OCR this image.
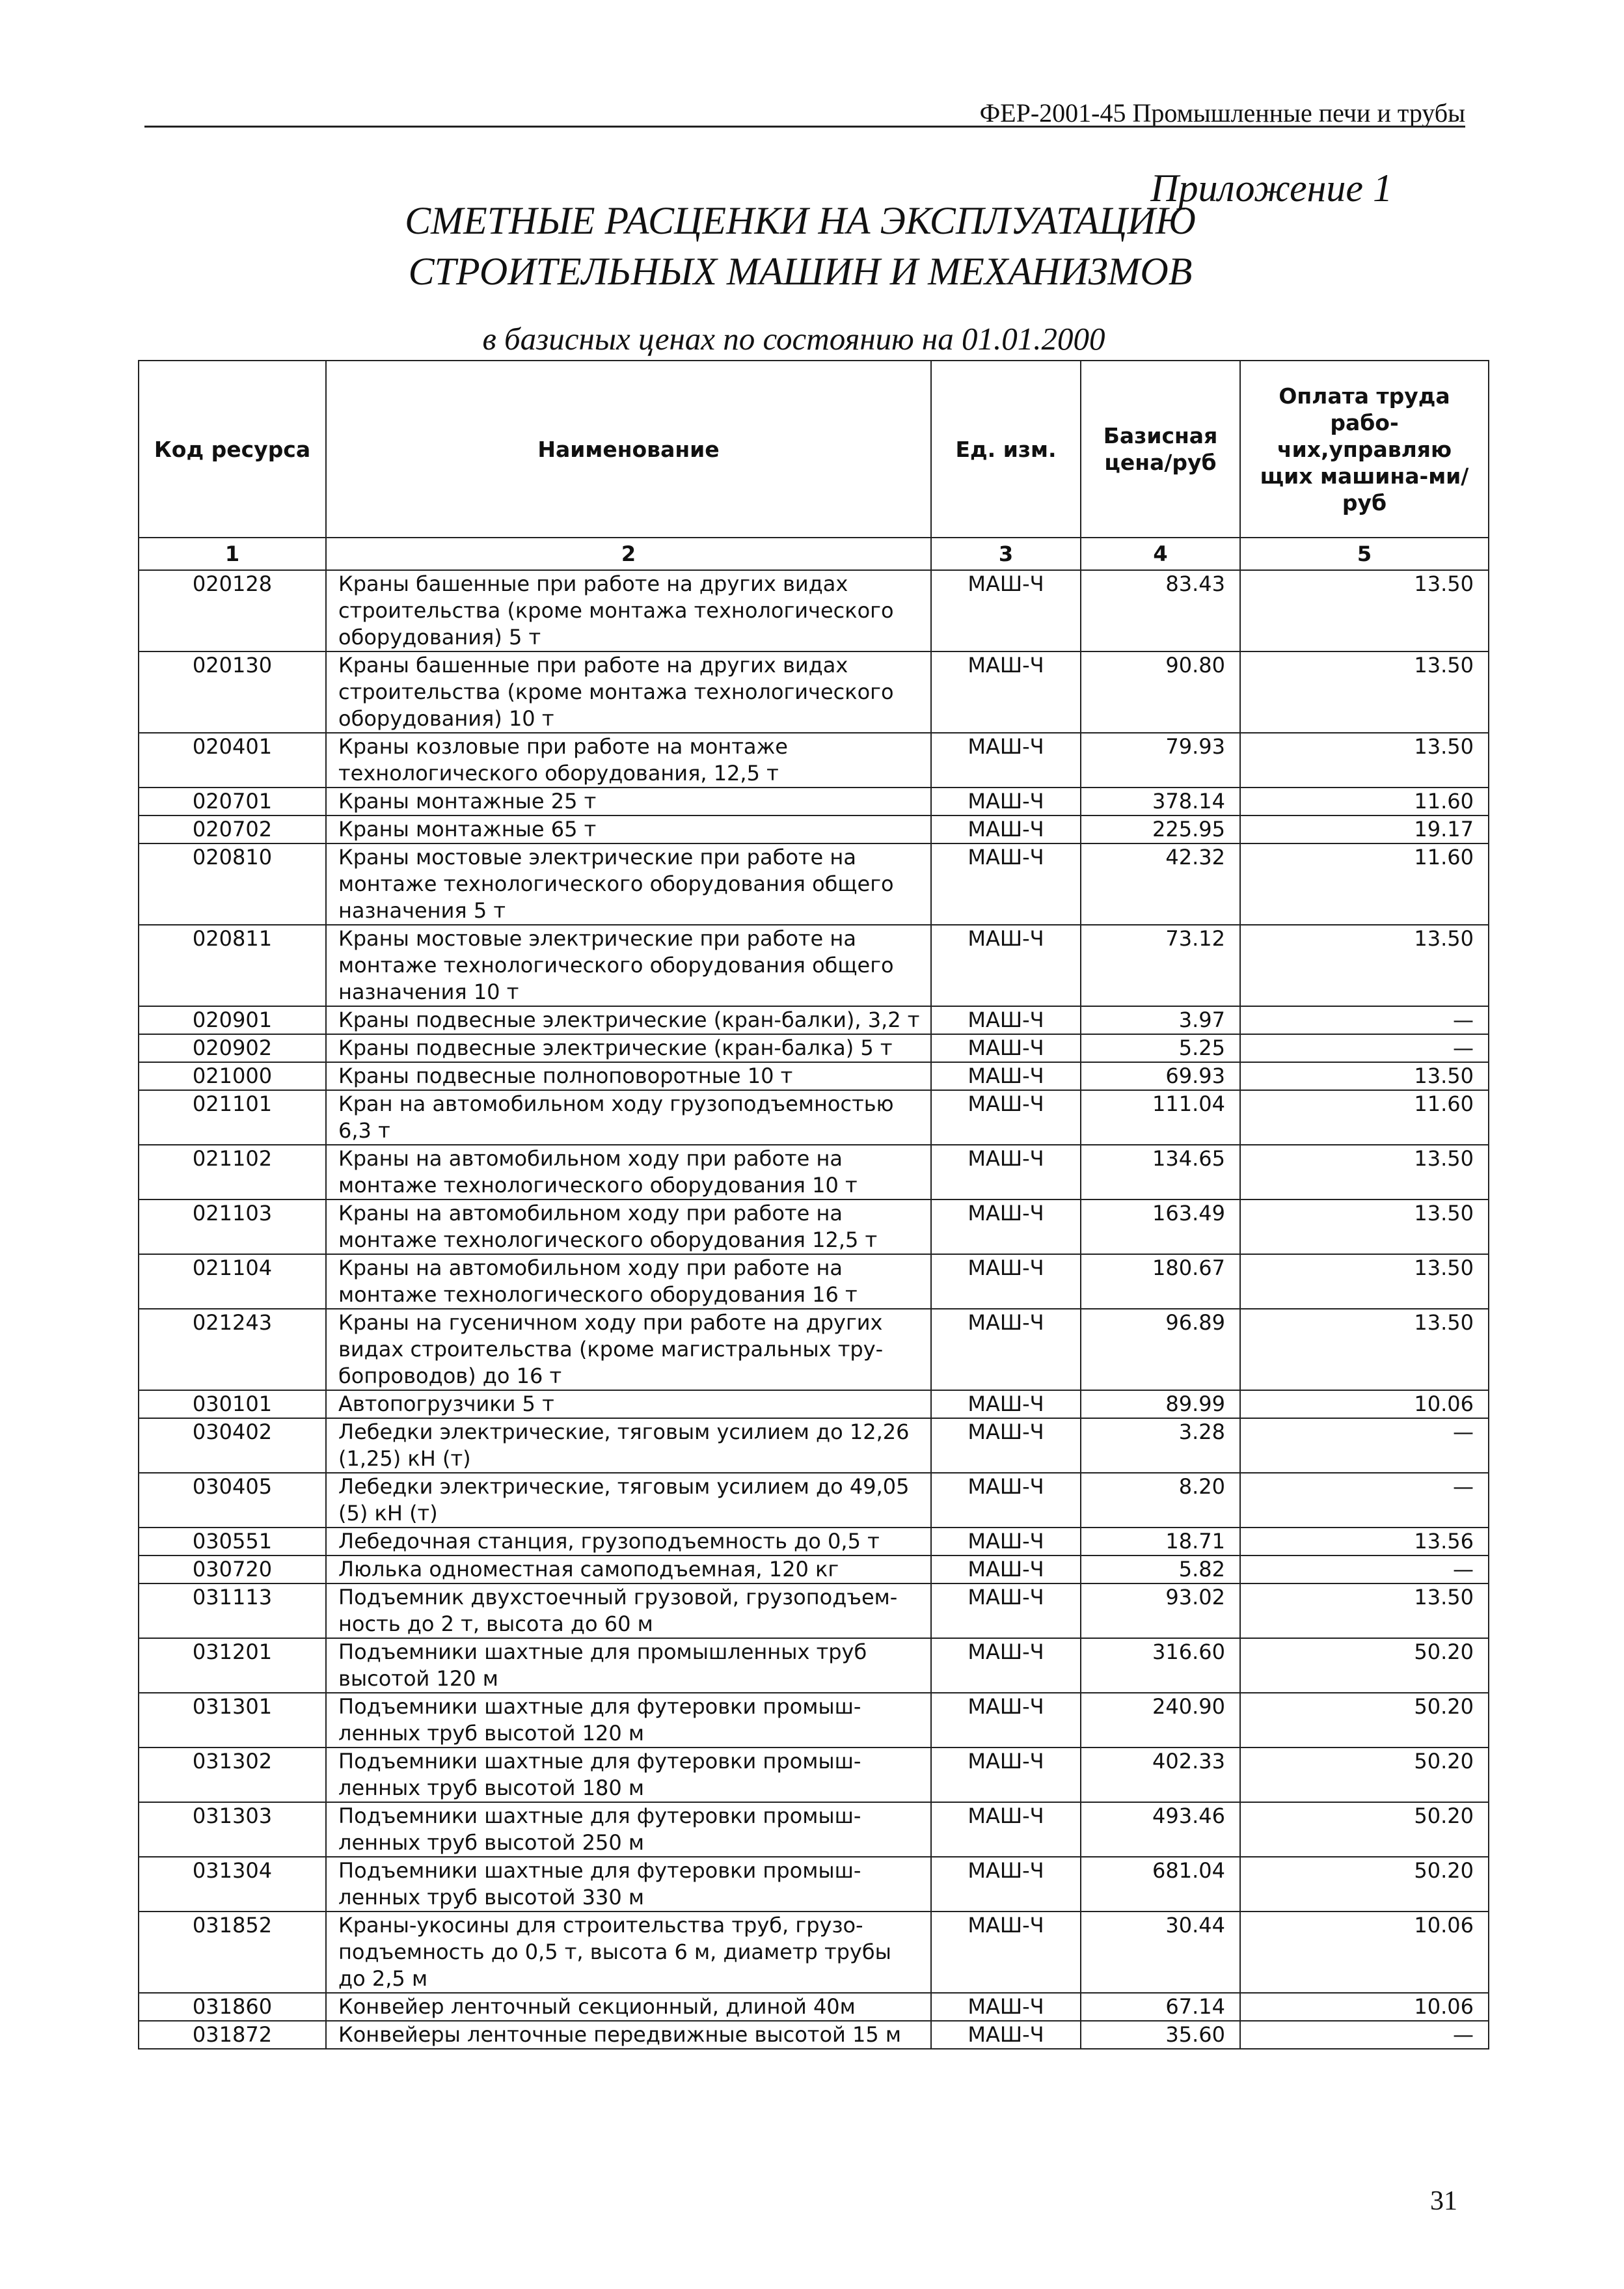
ФЕР-2001-45 Промышленные печи и трубы
Приложение 1
СМЕТНЫЕ РАСЦЕНКИ НА ЭКСПЛУАТАЦИЮ
СТРОИТЕЛЬНЫХ МАШИН И МЕХАНИЗМОВ
в базисных ценах по состоянию на 01.01.2000
Код ресурса	Наименование	Ед. изм.	Базисная цена/руб	Оплата труда рабо-чих,управляю щих машина-ми/руб
1	2	3	4	5
020128	Краны башенные при работе на других видах строительства (кроме монтажа технологического оборудования) 5 т	МАШ-Ч	83.43	13.50
020130	Краны башенные при работе на других видах строительства (кроме монтажа технологического оборудования) 10 т	МАШ-Ч	90.80	13.50
020401	Краны козловые при работе на монтаже технологического оборудования, 12,5 т	МАШ-Ч	79.93	13.50
020701	Краны монтажные 25 т	МАШ-Ч	378.14	11.60
020702	Краны монтажные 65 т	МАШ-Ч	225.95	19.17
020810	Краны мостовые электрические при работе на монтаже технологического оборудования общего назначения 5 т	МАШ-Ч	42.32	11.60
020811	Краны мостовые электрические при работе на монтаже технологического оборудования общего назначения 10 т	МАШ-Ч	73.12	13.50
020901	Краны подвесные электрические (кран-балки), 3,2 т	МАШ-Ч	3.97	—
020902	Краны подвесные электрические (кран-балка) 5 т	МАШ-Ч	5.25	—
021000	Краны подвесные полноповоротные 10 т	МАШ-Ч	69.93	13.50
021101	Кран на автомобильном ходу грузоподъемностью 6,3 т	МАШ-Ч	111.04	11.60
021102	Краны на автомобильном ходу при работе на монтаже технологического оборудования 10 т	МАШ-Ч	134.65	13.50
021103	Краны на автомобильном ходу при работе на монтаже технологического оборудования 12,5 т	МАШ-Ч	163.49	13.50
021104	Краны на автомобильном ходу при работе на монтаже технологического оборудования 16 т	МАШ-Ч	180.67	13.50
021243	Краны на гусеничном ходу при работе на других видах строительства (кроме магистральных тру-бопроводов) до 16 т	МАШ-Ч	96.89	13.50
030101	Автопогрузчики 5 т	МАШ-Ч	89.99	10.06
030402	Лебедки электрические, тяговым усилием до 12,26 (1,25) кН (т)	МАШ-Ч	3.28	—
030405	Лебедки электрические, тяговым усилием до 49,05 (5) кН (т)	МАШ-Ч	8.20	—
030551	Лебедочная станция, грузоподъемность до 0,5 т	МАШ-Ч	18.71	13.56
030720	Люлька одноместная самоподъемная, 120 кг	МАШ-Ч	5.82	—
031113	Подъемник двухстоечный грузовой, грузоподъем-ность до 2 т, высота до 60 м	МАШ-Ч	93.02	13.50
031201	Подъемники шахтные для промышленных труб высотой 120 м	МАШ-Ч	316.60	50.20
031301	Подъемники шахтные для футеровки промыш-ленных труб высотой 120 м	МАШ-Ч	240.90	50.20
031302	Подъемники шахтные для футеровки промыш-ленных труб высотой 180 м	МАШ-Ч	402.33	50.20
031303	Подъемники шахтные для футеровки промыш-ленных труб высотой 250 м	МАШ-Ч	493.46	50.20
031304	Подъемники шахтные для футеровки промыш-ленных труб высотой 330 м	МАШ-Ч	681.04	50.20
031852	Краны-укосины для строительства труб, грузо-подъемность до 0,5 т, высота 6 м, диаметр трубы до 2,5 м	МАШ-Ч	30.44	10.06
031860	Конвейер ленточный секционный, длиной 40м	МАШ-Ч	67.14	10.06
031872	Конвейеры ленточные передвижные высотой 15 м	МАШ-Ч	35.60	—
31
